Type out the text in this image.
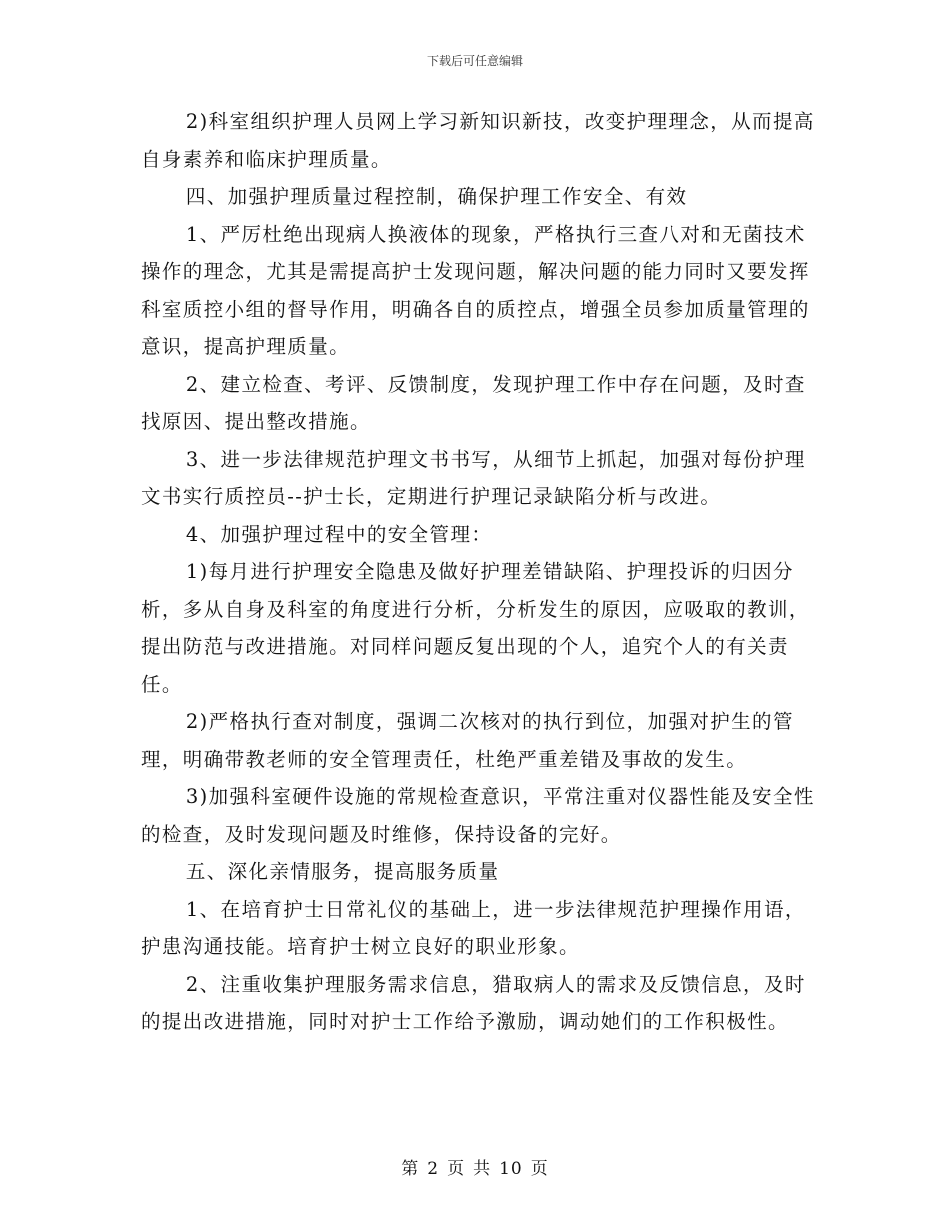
下载后可任意编辑

2)科室组织护理人员网上学习新知识新技，改变护理理念，从而提高自身素养和临床护理质量。

四、加强护理质量过程控制，确保护理工作安全、有效

1、严厉杜绝出现病人换液体的现象，严格执行三查八对和无菌技术操作的理念，尤其是需提高护士发现问题，解决问题的能力同时又要发挥科室质控小组的督导作用，明确各自的质控点，增强全员参加质量管理的意识，提高护理质量。

2、建立检查、考评、反馈制度，发现护理工作中存在问题，及时查找原因、提出整改措施。

3、进一步法律规范护理文书书写，从细节上抓起，加强对每份护理文书实行质控员--护士长，定期进行护理记录缺陷分析与改进。

4、加强护理过程中的安全管理：

1)每月进行护理安全隐患及做好护理差错缺陷、护理投诉的归因分析，多从自身及科室的角度进行分析，分析发生的原因，应吸取的教训，提出防范与改进措施。对同样问题反复出现的个人，追究个人的有关责任。

2)严格执行查对制度，强调二次核对的执行到位，加强对护生的管理，明确带教老师的安全管理责任，杜绝严重差错及事故的发生。

3)加强科室硬件设施的常规检查意识，平常注重对仪器性能及安全性的检查，及时发现问题及时维修，保持设备的完好。

五、深化亲情服务，提高服务质量

1、在培育护士日常礼仪的基础上，进一步法律规范护理操作用语，护患沟通技能。培育护士树立良好的职业形象。

2、注重收集护理服务需求信息，猎取病人的需求及反馈信息，及时的提出改进措施，同时对护士工作给予激励，调动她们的工作积极性。

第 2 页 共 10 页
